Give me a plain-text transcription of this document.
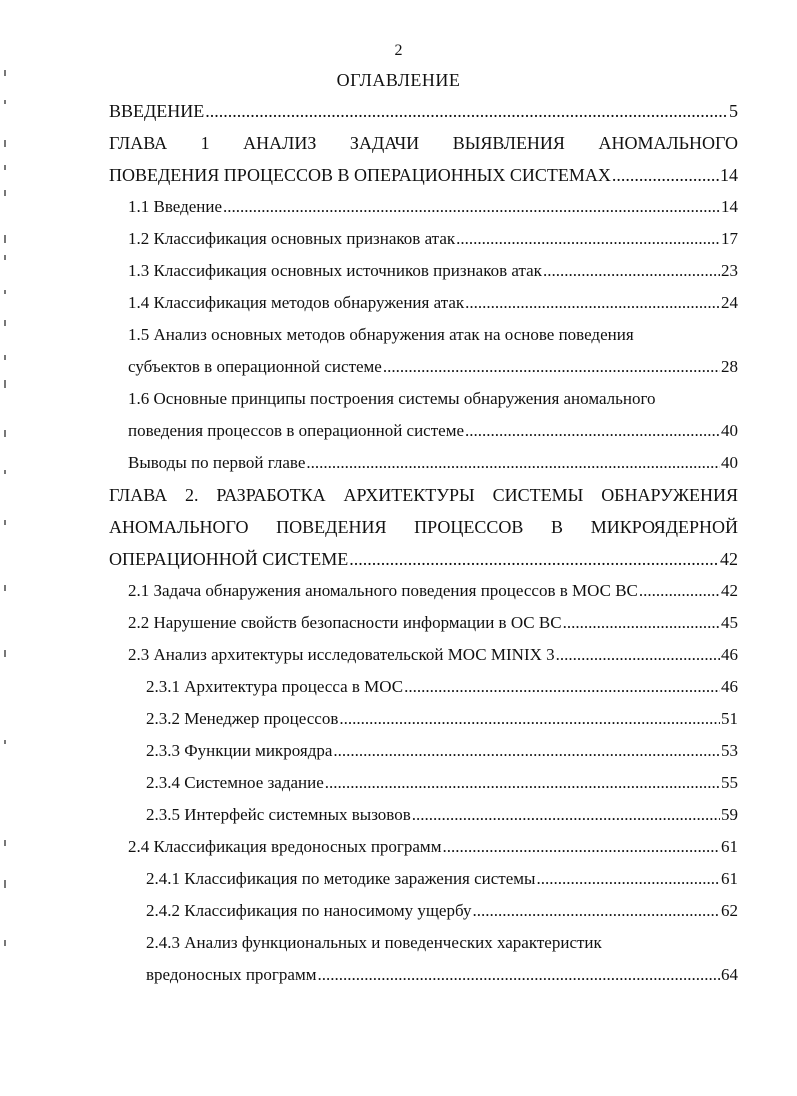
2
ОГЛАВЛЕНИЕ
ВВЕДЕНИЕ .....	5
ГЛАВА 1 АНАЛИЗ ЗАДАЧИ ВЫЯВЛЕНИЯ АНОМАЛЬНОГО
ПОВЕДЕНИЯ ПРОЦЕССОВ В ОПЕРАЦИОННЫХ СИСТЕМАХ .....	14
1.1 Введение .....	14
1.2 Классификация основных признаков атак .....	17
1.3 Классификация основных источников признаков атак .....	23
1.4 Классификация методов обнаружения атак .....	24
1.5 Анализ основных методов обнаружения атак на основе поведения
субъектов в операционной системе .....	28
1.6 Основные принципы построения системы обнаружения аномального
поведения процессов в операционной системе .....	40
Выводы по первой главе .....	40
ГЛАВА 2. РАЗРАБОТКА АРХИТЕКТУРЫ СИСТЕМЫ ОБНАРУЖЕНИЯ
АНОМАЛЬНОГО ПОВЕДЕНИЯ ПРОЦЕССОВ В МИКРОЯДЕРНОЙ
ОПЕРАЦИОННОЙ СИСТЕМЕ .....	42
2.1 Задача обнаружения аномального поведения процессов в МОС ВС .....	42
2.2 Нарушение свойств безопасности информации в ОС ВС .....	45
2.3 Анализ архитектуры исследовательской МОС MINIX 3 .....	46
2.3.1 Архитектура процесса в МОС .....	46
2.3.2 Менеджер процессов .....	51
2.3.3 Функции микроядра .....	53
2.3.4 Системное задание .....	55
2.3.5 Интерфейс системных вызовов .....	59
2.4 Классификация вредоносных программ .....	61
2.4.1 Классификация по методике заражения системы .....	61
2.4.2 Классификация по наносимому ущербу .....	62
2.4.3 Анализ функциональных и поведенческих характеристик
вредоносных программ .....	64
